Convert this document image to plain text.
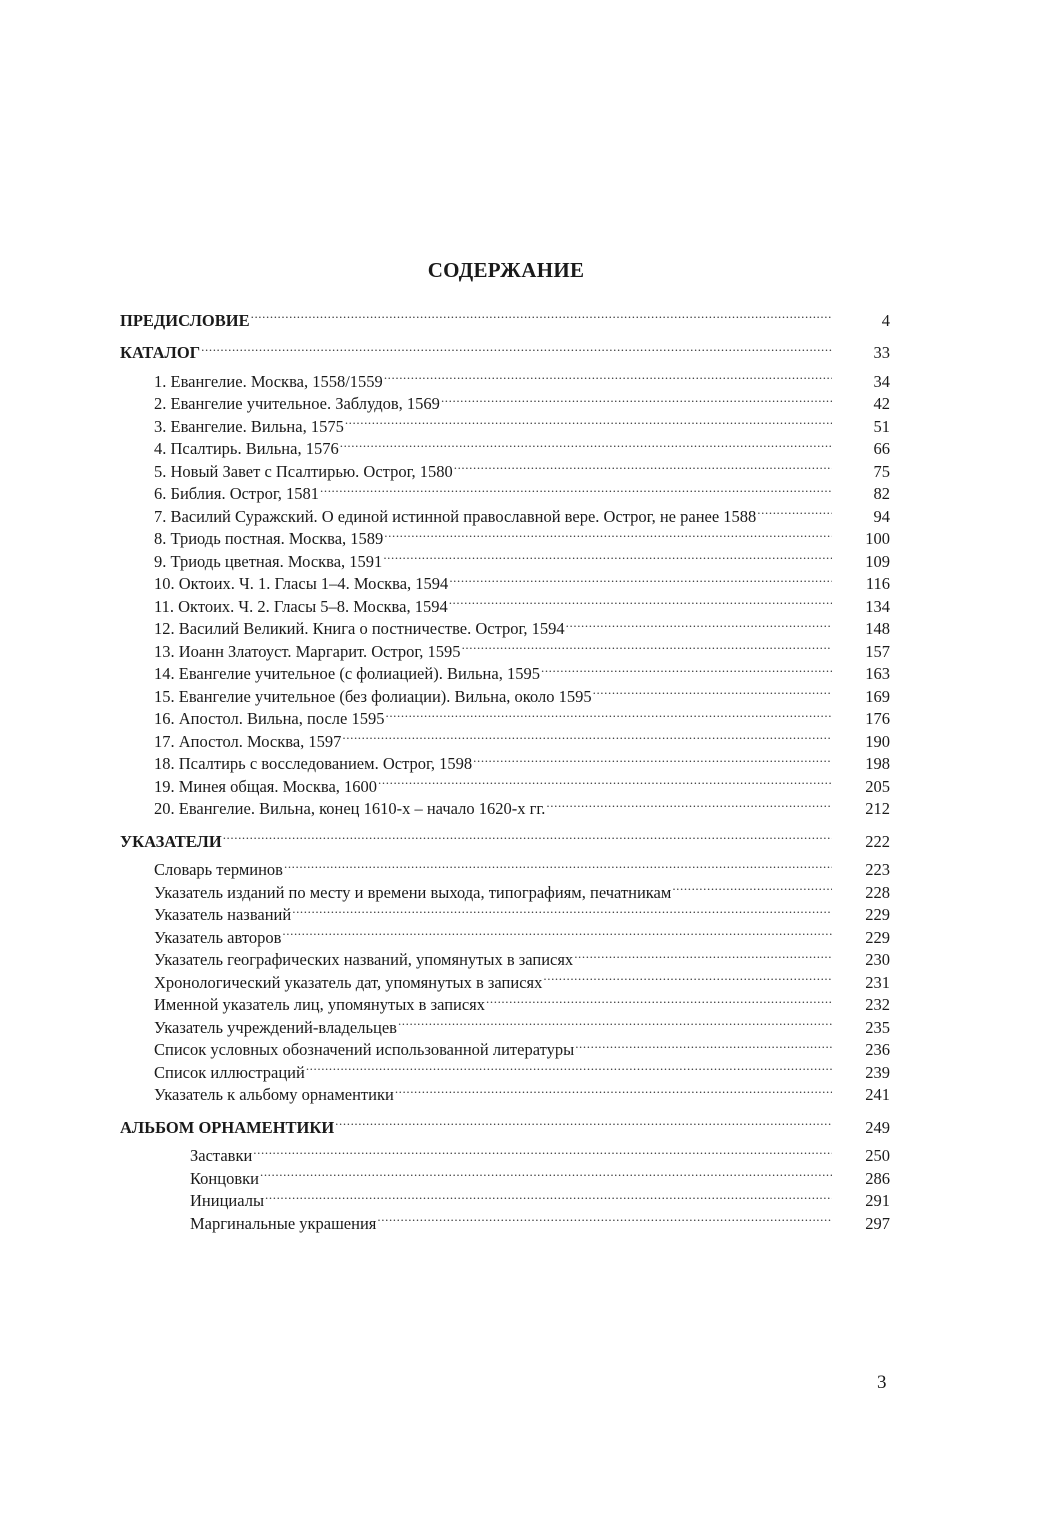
СОДЕРЖАНИЕ
ПРЕДИСЛОВИЕ .....	4
КАТАЛОГ .....	33
1. Евангелие. Москва, 1558/1559 .....	34
2. Евангелие учительное. Заблудов, 1569 .....	42
3. Евангелие. Вильна, 1575 .....	51
4. Псалтирь. Вильна, 1576 .....	66
5. Новый Завет с Псалтирью. Острог, 1580 .....	75
6. Библия. Острог, 1581 .....	82
7. Василий Суражский. О единой истинной православной вере. Острог, не ранее 1588 .....	94
8. Триодь постная. Москва, 1589 .....	100
9. Триодь цветная. Москва, 1591 .....	109
10. Октоих. Ч. 1. Гласы 1–4. Москва, 1594 .....	116
11. Октоих. Ч. 2. Гласы 5–8. Москва, 1594 .....	134
12. Василий Великий. Книга о постничестве. Острог, 1594 .....	148
13. Иоанн Златоуст. Маргарит. Острог, 1595 .....	157
14. Евангелие учительное (с фолиацией). Вильна, 1595 .....	163
15. Евангелие учительное (без фолиации). Вильна, около 1595 .....	169
16. Апостол. Вильна, после 1595 .....	176
17. Апостол. Москва, 1597 .....	190
18. Псалтирь с восследованием. Острог, 1598 .....	198
19. Минея общая. Москва, 1600 .....	205
20. Евангелие. Вильна, конец 1610-х – начало 1620-х гг. .....	212
УКАЗАТЕЛИ .....	222
Словарь терминов .....	223
Указатель изданий по месту и времени выхода, типографиям, печатникам .....	228
Указатель названий .....	229
Указатель авторов .....	229
Указатель географических названий, упомянутых в записях .....	230
Хронологический указатель дат, упомянутых в записях .....	231
Именной указатель лиц, упомянутых в записях .....	232
Указатель учреждений-владельцев .....	235
Список условных обозначений использованной литературы .....	236
Список иллюстраций .....	239
Указатель к альбому орнаментики .....	241
АЛЬБОМ ОРНАМЕНТИКИ .....	249
Заставки .....	250
Концовки .....	286
Инициалы .....	291
Маргинальные украшения .....	297
3
